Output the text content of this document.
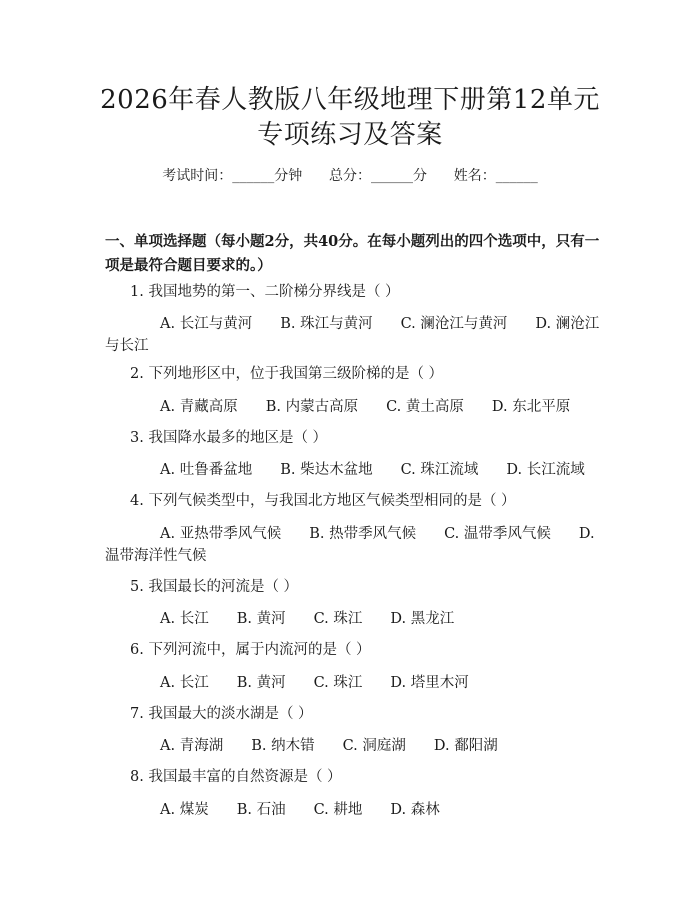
2026年春人教版八年级地理下册第12单元
专项练习及答案
考试时间：______分钟      总分：______分      姓名：______
一、单项选择题（每小题2分，共40分。在每小题列出的四个选项中，只有一项是最符合题目要求的。）
1. 我国地势的第一、二阶梯分界线是（ ）
A. 长江与黄河 B. 珠江与黄河 C. 澜沧江与黄河 D. 澜沧江与长江
2. 下列地形区中，位于我国第三级阶梯的是（ ）
A. 青藏高原 B. 内蒙古高原 C. 黄土高原 D. 东北平原
3. 我国降水最多的地区是（ ）
A. 吐鲁番盆地 B. 柴达木盆地 C. 珠江流域 D. 长江流域
4. 下列气候类型中，与我国北方地区气候类型相同的是（ ）
A. 亚热带季风气候 B. 热带季风气候 C. 温带季风气候 D. 温带海洋性气候
5. 我国最长的河流是（ ）
A. 长江 B. 黄河 C. 珠江 D. 黑龙江
6. 下列河流中，属于内流河的是（ ）
A. 长江 B. 黄河 C. 珠江 D. 塔里木河
7. 我国最大的淡水湖是（ ）
A. 青海湖 B. 纳木错 C. 洞庭湖 D. 鄱阳湖
8. 我国最丰富的自然资源是（ ）
A. 煤炭 B. 石油 C. 耕地 D. 森林
